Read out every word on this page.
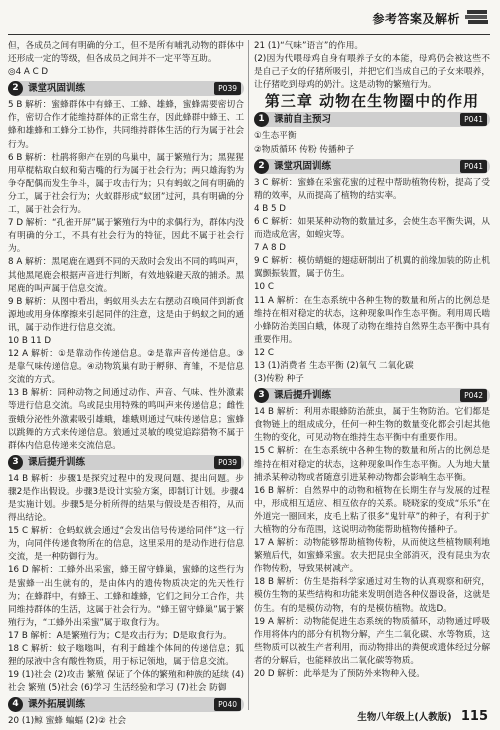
参考答案及解析

但，各成员之间有明确的分工，但不是所有哺乳动物的群体中还形成一定的等级，但各成员之间并不一定平等互助。

◎4 A C D

2 课堂巩固训练	P039

5 B 解析：蜜蜂群体中有蜂王、工蜂、雄蜂，蜜蜂需要密切合作，密切合作才能维持群体的正常生存，因此蜂群中蜂王、工蜂和雄蜂和工蜂分工协作，共同维持群体生活的行为属于社会行为。

6 B 解析：杜鹃将卵产在别的鸟巢中，属于繁殖行为；黑猩猩用草棍粘取白蚁和菊吉嘴的行为属于社会行为；两只雄海豹为争夺配偶而发生争斗，属于攻击行为；只有蚂蚁之间有明确的分工，属于社会行为；火蚁群形成“蚁团”过河，具有明确的分工，属于社会行为。

7 D 解析：“孔雀开屏”属于繁殖行为中的求偶行为，群体内没有明确的分工，不具有社会行为的特征，因此不属于社会行为。

8 A 解析：黑尾鹿在遇到不同的天敌时会发出不同的鸣叫声，其他黑尾鹿会根据声音进行判断，有效地躲避天敌的捕杀。黑尾鹿的叫声属于信息交流。

9 B 解析：从图中看出，蚂蚁用头去左右摆动召唤同伴到新食源地或用身体摩擦来引起同伴的注意，这是由于蚂蚁之间的通讯，属于动作进行信息交流。

10 B 11 D

12 A 解析：①是靠动作传递信息。②是靠声音传递信息。③是靠气味传递信息。④动物筑巢有助于孵卵、育雏，不是信息交流的方式。

13 B 解析：同种动物之间通过动作、声音、气味、性外激素等进行信息交流。鸟或昆虫用特殊的鸣叫声来传递信息；雌性蚕蛾分泌性外激素吸引雄蛾，雄蛾则通过气味传递信息；蜜蜂以跳舞的方式来传递信息。狼通过灵敏的嗅觉追踪猎物不属于群体内信息传递来交流信息。

3 课后提升训练	P039

14 B 解析：步骤1是探究过程中的发现问题、提出问题。步骤2是作出假设。步骤3是设计实验方案，即制订计划。步骤4是实施计划。步骤5是分析所得的结果与假设是否相符，从而得出结论。

15 C 解析：仓蚂蚁就会通过“会发出信号传递给同伴”这一行为，向同伴传递食物所在的信息，这里采用的是动作进行信息交流，是一种防御行为。

16 D 解析：工蜂外出采蜜，蜂王留守蜂巢，蜜蜂的这些行为是蜜蜂一出生就有的，是由体内的遗传物质决定的先天性行为；在蜂群中，有蜂王、工蜂和雄蜂，它们之间分工合作，共同维持群体的生活，这属于社会行为。“蜂王留守蜂巢”属于繁殖行为，“工蜂外出采蜜”属于取食行为。

17 B 解析：A是繁殖行为；C是攻击行为；D是取食行为。

18 C 解析：蚊子嗡嗡叫，有利于雌雄个体间的传递信息；狐狸的尿液中含有酸性物质，用于标记领地，属于信息交流。

19 (1)社会 (2)攻击 繁殖 保证了个体的繁殖和种族的延续 (4)社会 繁殖 (5)社会 (6)学习 生活经验和学习 (7)社会 防御

4 课外拓展训练	P040

20 (1)鲸 蜜蜂 蝙蝠 (2)② 社会

21 (1)“气味”语言”的作用。

(2)因为代喂母鸡自身有喂养子女的本能，母鸡仍会被这些不是自己子女的仔猪所吸引，并把它们当成自己的子女来喂养，让仔猪吃到母鸡的奶汁。这是动物的繁殖行为。

第三章 动物在生物圈中的作用
1 课前自主预习	P041

①生态平衡

②物质循环 传粉 传播种子

2 课堂巩固训练	P041

3 C 解析：蜜蜂在采蜜花蜜的过程中帮助植物传粉，提高了受精的效率，从而提高了植物的结实率。

4 B 5 D

6 C 解析：如果某种动物的数量过多，会使生态平衡失调，从而造成危害，如蝗灾等。

7 A 8 D

9 C 解析：模仿蜻蜓的翅痣研制出了机翼的前缘加装的防止机翼颤振装置，属于仿生。

10 C

11 A 解析：在生态系统中各种生物的数量和所占的比例总是维持在相对稳定的状态，这种现象叫作生态平衡。利用周氏啮小蜂防治美国白蛾，体现了动物在维持自然界生态平衡中具有重要作用。

12 C

13 (1)消费者 生态平衡 (2)氧气 二氧化碳

(3)传粉 种子

3 课后提升训练	P042

14 B 解析：利用赤眼蜂防治蔗虫，属于生物防治。它们都是食物链上的组成成分，任何一种生物的数量变化都会引起其他生物的变化，可见动物在维持生态平衡中有重要作用。

15 C 解析：在生态系统中各种生物的数量和所占的比例总是维持在相对稳定的状态，这种现象叫作生态平衡。人为地大量捕杀某种动物或者随意引进某种动物都会影响生态平衡。

16 B 解析：自然界中的动物和植物在长期生存与发展的过程中，形成相互适应、相互依存的关系。晓晓家的变成“乐乐”在外道完一圈回来，皮毛上粘了很多“鬼针草”的种子，有利于扩大植物的分布范围，这说明动物能帮助植物传播种子。

17 A 解析：动物能够帮助植物传粉，从而使这些植物顺利地繁殖后代，如蜜蜂采蜜。农夫把昆虫全部消灭，没有昆虫为农作物传粉，导致果树减产。

18 B 解析：仿生是指科学家通过对生物的认真观察和研究，模仿生物的某些结构和功能来发明创造各种仪器设备，这就是仿生。有的是模仿动物，有的是模仿植物。故选D。

19 A 解析：动物能促进生态系统的物质循环，动物通过呼吸作用将体内的部分有机物分解，产生二氧化碳、水等物质，这些物质可以被生产者利用，而动物排出的粪便或遗体经过分解者的分解后，也能释放出二氧化碳等物质。

20 D 解析：此举是为了预防外来物种入侵。

生物八年级上(人教版) 115
